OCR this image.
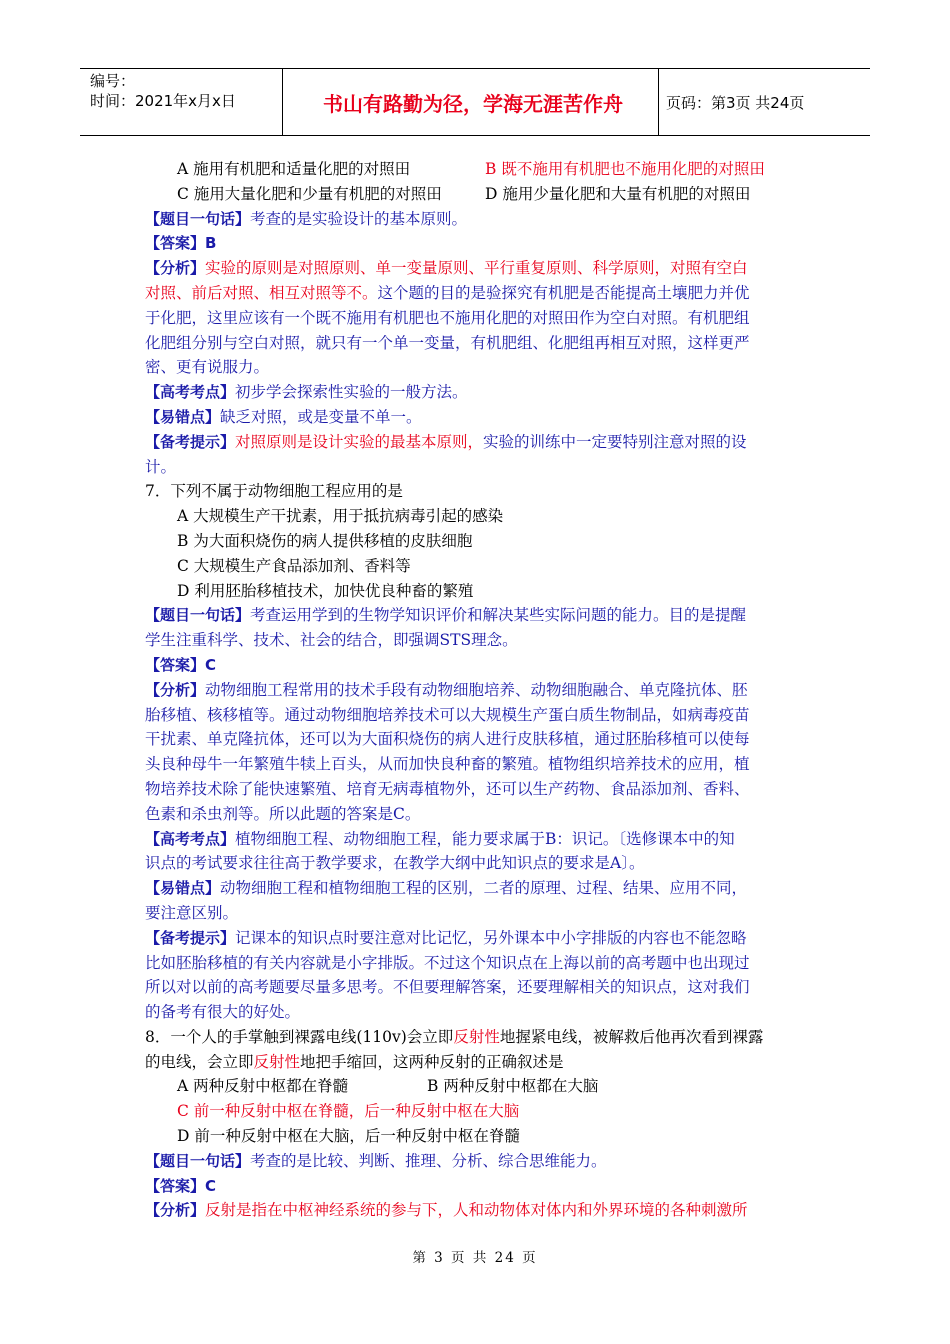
编号：
时间：2021年x月x日	书山有路勤为径，学海无涯苦作舟	页码：第3页 共24页
A 施用有机肥和适量化肥的对照田	B 既不施用有机肥也不施用化肥的对照田
C 施用大量化肥和少量有机肥的对照田	D 施用少量化肥和大量有机肥的对照田
【题目一句话】考查的是实验设计的基本原则。
【答案】B
【分析】实验的原则是对照原则、单一变量原则、平行重复原则、科学原则，对照有空白
对照、前后对照、相互对照等不。这个题的目的是验探究有机肥是否能提高土壤肥力并优
于化肥，这里应该有一个既不施用有机肥也不施用化肥的对照田作为空白对照。有机肥组
化肥组分别与空白对照，就只有一个单一变量，有机肥组、化肥组再相互对照，这样更严
密、更有说服力。
【高考考点】初步学会探索性实验的一般方法。
【易错点】缺乏对照，或是变量不单一。
【备考提示】对照原则是设计实验的最基本原则，实验的训练中一定要特别注意对照的设
计。
7．下列不属于动物细胞工程应用的是
A 大规模生产干扰素，用于抵抗病毒引起的感染
B 为大面积烧伤的病人提供移植的皮肤细胞
C 大规模生产食品添加剂、香料等
D 利用胚胎移植技术，加快优良种畜的繁殖
【题目一句话】考查运用学到的生物学知识评价和解决某些实际问题的能力。目的是提醒
学生注重科学、技术、社会的结合，即强调STS理念。
【答案】C
【分析】动物细胞工程常用的技术手段有动物细胞培养、动物细胞融合、单克隆抗体、胚
胎移植、核移植等。通过动物细胞培养技术可以大规模生产蛋白质生物制品，如病毒疫苗
干扰素、单克隆抗体，还可以为大面积烧伤的病人进行皮肤移植，通过胚胎移植可以使每
头良种母牛一年繁殖牛犊上百头，从而加快良种畜的繁殖。植物组织培养技术的应用，植
物培养技术除了能快速繁殖、培育无病毒植物外，还可以生产药物、食品添加剂、香料、
色素和杀虫剂等。所以此题的答案是C。
【高考考点】植物细胞工程、动物细胞工程，能力要求属于B：识记。〔选修课本中的知
识点的考试要求往往高于教学要求，在教学大纲中此知识点的要求是A〕。
【易错点】动物细胞工程和植物细胞工程的区别，二者的原理、过程、结果、应用不同，
要注意区别。
【备考提示】记课本的知识点时要注意对比记忆，另外课本中小字排版的内容也不能忽略
比如胚胎移植的有关内容就是小字排版。不过这个知识点在上海以前的高考题中也出现过
所以对以前的高考题要尽量多思考。不但要理解答案，还要理解相关的知识点，这对我们
的备考有很大的好处。
8．一个人的手掌触到裸露电线(110v)会立即反射性地握紧电线，被解救后他再次看到裸露
的电线，会立即反射性地把手缩回，这两种反射的正确叙述是
A 两种反射中枢都在脊髓	B 两种反射中枢都在大脑
C 前一种反射中枢在脊髓，后一种反射中枢在大脑
D 前一种反射中枢在大脑，后一种反射中枢在脊髓
【题目一句话】考查的是比较、判断、推理、分析、综合思维能力。
【答案】C
【分析】反射是指在中枢神经系统的参与下，人和动物体对体内和外界环境的各种刺激所
第 3 页 共 24 页
